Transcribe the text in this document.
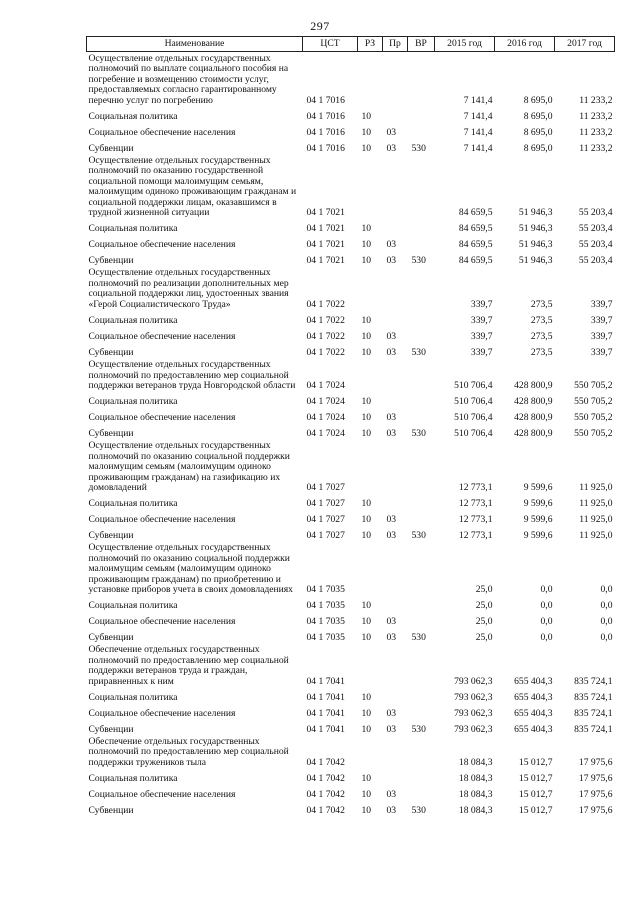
297
Наименование	ЦСТ	РЗ	Пр	ВР	2015 год	2016 год	2017 год
Осуществление отдельных государственных полномочий по выплате социального пособия на погребение и возмещению стоимости услуг, предоставляемых согласно гарантированному перечню услуг по погребению	04 1 7016				7 141,4	8 695,0	11 233,2
Социальная политика	04 1 7016	10			7 141,4	8 695,0	11 233,2
Социальное обеспечение населения	04 1 7016	10	03		7 141,4	8 695,0	11 233,2
Субвенции	04 1 7016	10	03	530	7 141,4	8 695,0	11 233,2
Осуществление отдельных государственных полномочий по оказанию государственной социальной помощи малоимущим семьям, малоимущим одиноко проживающим гражданам и социальной поддержки лицам, оказавшимся в трудной жизненной ситуации	04 1 7021				84 659,5	51 946,3	55 203,4
Социальная политика	04 1 7021	10			84 659,5	51 946,3	55 203,4
Социальное обеспечение населения	04 1 7021	10	03		84 659,5	51 946,3	55 203,4
Субвенции	04 1 7021	10	03	530	84 659,5	51 946,3	55 203,4
Осуществление отдельных государственных полномочий по реализации дополнительных мер социальной поддержки лиц, удостоенных звания «Герой Социалистического Труда»	04 1 7022				339,7	273,5	339,7
Социальная политика	04 1 7022	10			339,7	273,5	339,7
Социальное обеспечение населения	04 1 7022	10	03		339,7	273,5	339,7
Субвенции	04 1 7022	10	03	530	339,7	273,5	339,7
Осуществление отдельных государственных полномочий по предоставлению мер социальной поддержки ветеранов труда Новгородской области	04 1 7024				510 706,4	428 800,9	550 705,2
Социальная политика	04 1 7024	10			510 706,4	428 800,9	550 705,2
Социальное обеспечение населения	04 1 7024	10	03		510 706,4	428 800,9	550 705,2
Субвенции	04 1 7024	10	03	530	510 706,4	428 800,9	550 705,2
Осуществление отдельных государственных полномочий по оказанию социальной поддержки малоимущим семьям (малоимущим одиноко проживающим гражданам) на газификацию их домовладений	04 1 7027				12 773,1	9 599,6	11 925,0
Социальная политика	04 1 7027	10			12 773,1	9 599,6	11 925,0
Социальное обеспечение населения	04 1 7027	10	03		12 773,1	9 599,6	11 925,0
Субвенции	04 1 7027	10	03	530	12 773,1	9 599,6	11 925,0
Осуществление отдельных государственных полномочий по оказанию социальной поддержки малоимущим семьям (малоимущим одиноко проживающим гражданам) по приобретению и установке приборов учета в своих домовладениях	04 1 7035				25,0	0,0	0,0
Социальная политика	04 1 7035	10			25,0	0,0	0,0
Социальное обеспечение населения	04 1 7035	10	03		25,0	0,0	0,0
Субвенции	04 1 7035	10	03	530	25,0	0,0	0,0
Обеспечение отдельных государственных полномочий по предоставлению мер социальной поддержки ветеранов труда и граждан, приравненных к ним	04 1 7041				793 062,3	655 404,3	835 724,1
Социальная политика	04 1 7041	10			793 062,3	655 404,3	835 724,1
Социальное обеспечение населения	04 1 7041	10	03		793 062,3	655 404,3	835 724,1
Субвенции	04 1 7041	10	03	530	793 062,3	655 404,3	835 724,1
Обеспечение отдельных государственных полномочий по предоставлению мер социальной поддержки тружеников тыла	04 1 7042				18 084,3	15 012,7	17 975,6
Социальная политика	04 1 7042	10			18 084,3	15 012,7	17 975,6
Социальное обеспечение населения	04 1 7042	10	03		18 084,3	15 012,7	17 975,6
Субвенции	04 1 7042	10	03	530	18 084,3	15 012,7	17 975,6
